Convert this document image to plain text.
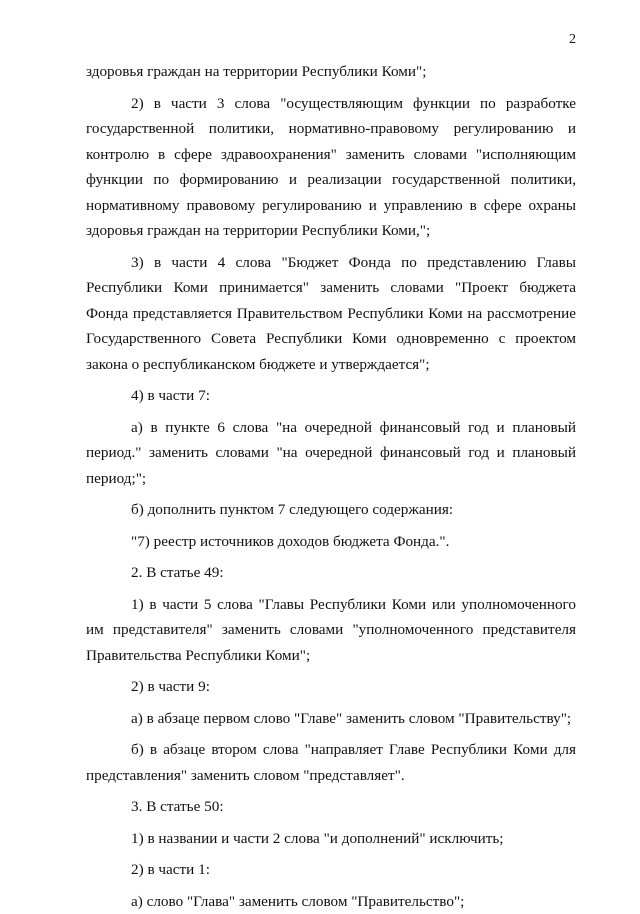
2

здоровья граждан на территории Республики Коми";

2) в части 3 слова "осуществляющим функции по разработке государственной политики, нормативно-правовому регулированию и контролю в сфере здравоохранения" заменить словами "исполняющим функции по формированию и реализации государственной политики, нормативному правовому регулированию и управлению в сфере охраны здоровья граждан на территории Республики Коми,";

3) в части 4 слова "Бюджет Фонда по представлению Главы Республики Коми принимается" заменить словами "Проект бюджета Фонда представляется Правительством Республики Коми на рассмотрение Государственного Совета Республики Коми одновременно с проектом закона о республиканском бюджете и утверждается";

4) в части 7:

а) в пункте 6 слова "на очередной финансовый год и плановый период." заменить словами "на очередной финансовый год и плановый период;";

б) дополнить пунктом 7 следующего содержания:

"7) реестр источников доходов бюджета Фонда.".

2. В статье 49:

1) в части 5 слова "Главы Республики Коми или уполномоченного им представителя" заменить словами "уполномоченного представителя Правительства Республики Коми";

2) в части 9:

а) в абзаце первом слово "Главе" заменить словом "Правительству";

б) в абзаце втором слова "направляет Главе Республики Коми для представления" заменить словом "представляет".

3. В статье 50:

1) в названии и части 2 слова "и дополнений" исключить;

2) в части 1:

а) слово "Глава" заменить словом "Правительство";
